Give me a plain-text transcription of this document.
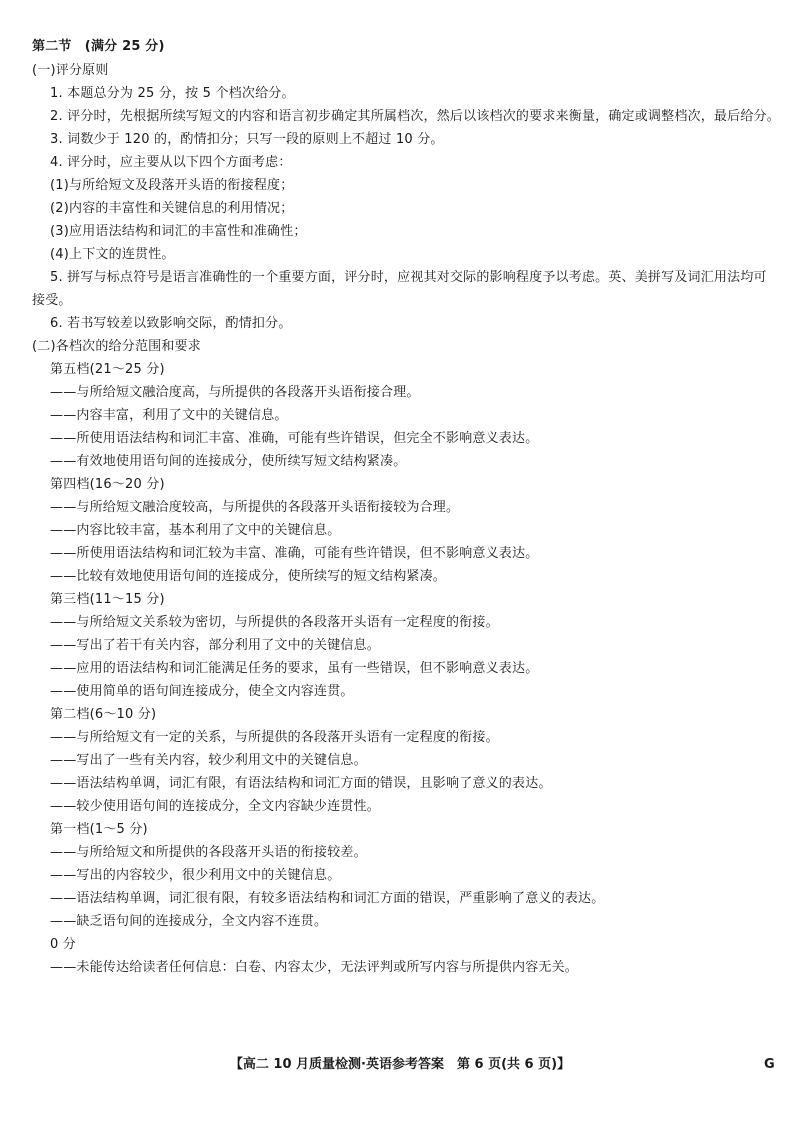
第二节　(满分 25 分)
(一)评分原则
1. 本题总分为 25 分，按 5 个档次给分。
2. 评分时，先根据所续写短文的内容和语言初步确定其所属档次，然后以该档次的要求来衡量，确定或调整档次，最后给分。
3. 词数少于 120 的，酌情扣分；只写一段的原则上不超过 10 分。
4. 评分时，应主要从以下四个方面考虑：
(1)与所给短文及段落开头语的衔接程度；
(2)内容的丰富性和关键信息的利用情况；
(3)应用语法结构和词汇的丰富性和准确性；
(4)上下文的连贯性。
5. 拼写与标点符号是语言准确性的一个重要方面，评分时，应视其对交际的影响程度予以考虑。英、美拼写及词汇用法均可
接受。
6. 若书写较差以致影响交际，酌情扣分。
(二)各档次的给分范围和要求
第五档(21～25 分)
——与所给短文融洽度高，与所提供的各段落开头语衔接合理。
——内容丰富，利用了文中的关键信息。
——所使用语法结构和词汇丰富、准确，可能有些许错误，但完全不影响意义表达。
——有效地使用语句间的连接成分，使所续写短文结构紧凑。
第四档(16～20 分)
——与所给短文融洽度较高，与所提供的各段落开头语衔接较为合理。
——内容比较丰富，基本利用了文中的关键信息。
——所使用语法结构和词汇较为丰富、准确，可能有些许错误，但不影响意义表达。
——比较有效地使用语句间的连接成分，使所续写的短文结构紧凑。
第三档(11～15 分)
——与所给短文关系较为密切，与所提供的各段落开头语有一定程度的衔接。
——写出了若干有关内容，部分利用了文中的关键信息。
——应用的语法结构和词汇能满足任务的要求，虽有一些错误，但不影响意义表达。
——使用简单的语句间连接成分，使全文内容连贯。
第二档(6～10 分)
——与所给短文有一定的关系，与所提供的各段落开头语有一定程度的衔接。
——写出了一些有关内容，较少利用文中的关键信息。
——语法结构单调，词汇有限，有语法结构和词汇方面的错误，且影响了意义的表达。
——较少使用语句间的连接成分，全文内容缺少连贯性。
第一档(1～5 分)
——与所给短文和所提供的各段落开头语的衔接较差。
——写出的内容较少，很少利用文中的关键信息。
——语法结构单调，词汇很有限，有较多语法结构和词汇方面的错误，严重影响了意义的表达。
——缺乏语句间的连接成分，全文内容不连贯。
0 分
——未能传达给读者任何信息：白卷、内容太少，无法评判或所写内容与所提供内容无关。
【高二 10 月质量检测·英语参考答案　第 6 页(共 6 页)】	G
